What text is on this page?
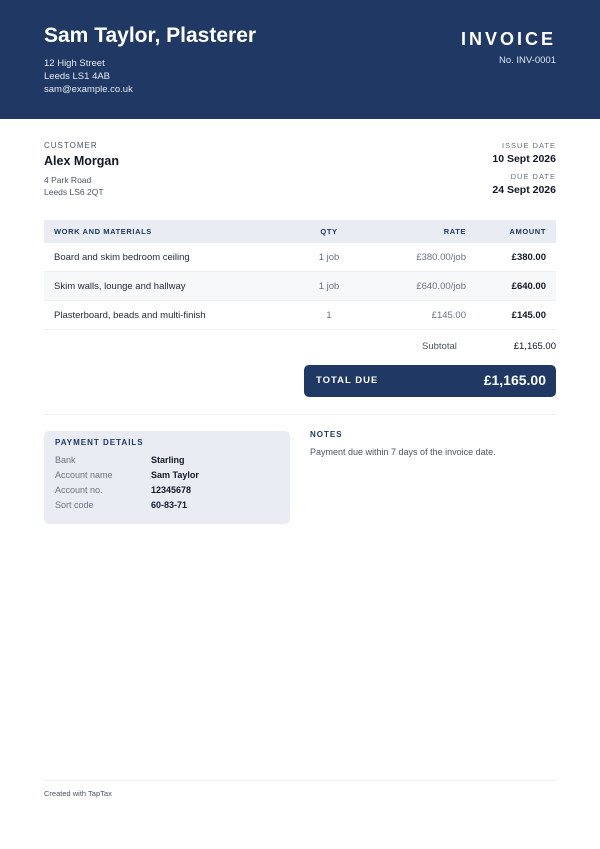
Sam Taylor, Plasterer
12 High Street
Leeds LS1 4AB
sam@example.co.uk
INVOICE
No. INV-0001
CUSTOMER
Alex Morgan
4 Park Road
Leeds LS6 2QT
ISSUE DATE
10 Sept 2026
DUE DATE
24 Sept 2026
WORK AND MATERIALS	QTY	RATE	AMOUNT
Board and skim bedroom ceiling	1 job	£380.00/job	£380.00
Skim walls, lounge and hallway	1 job	£640.00/job	£640.00
Plasterboard, beads and multi-finish	1	£145.00	£145.00
Subtotal	£1,165.00
TOTAL DUE	£1,165.00
PAYMENT DETAILS
Bank	Starling
Account name	Sam Taylor
Account no.	12345678
Sort code	60-83-71
NOTES
Payment due within 7 days of the invoice date.
Created with TapTax
